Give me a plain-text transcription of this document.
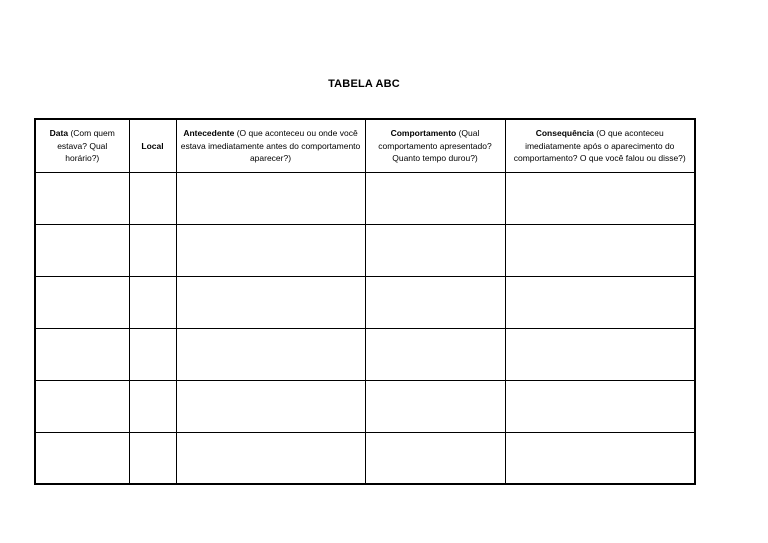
TABELA ABC
Data (Com quem estava? Qual horário?)	Local	Antecedente (O que aconteceu ou onde você estava imediatamente antes do comportamento aparecer?)	Comportamento (Qual comportamento apresentado? Quanto tempo durou?)	Consequência (O que aconteceu imediatamente após o aparecimento do comportamento? O que você falou ou disse?)
